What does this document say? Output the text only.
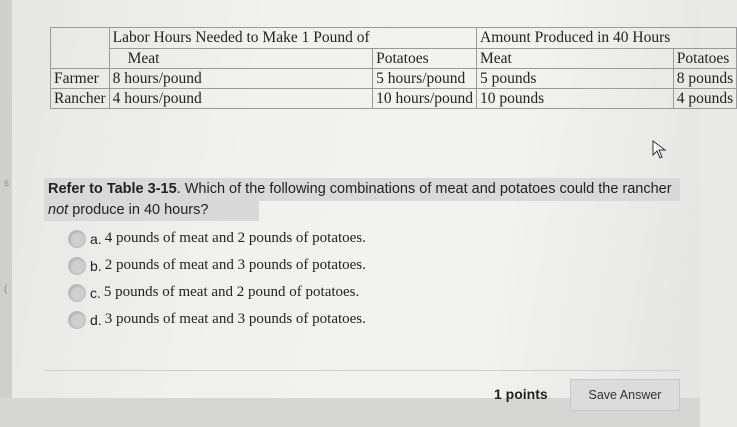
s
(
	Labor Hours Needed to Make 1 Pound of		Amount Produced in 40 Hours	
	Meat	Potatoes	Meat	Potatoes
Farmer	8 hours/pound	5 hours/pound	5 pounds	8 pounds
Rancher	4 hours/pound	10 hours/pound	10 pounds	4 pounds
Refer to Table 3-15. Which of the following combinations of meat and potatoes could the rancher not produce in 40 hours?
a. 4 pounds of meat and 2 pounds of potatoes.
b. 2 pounds of meat and 3 pounds of potatoes.
c. 5 pounds of meat and 2 pound of potatoes.
d. 3 pounds of meat and 3 pounds of potatoes.
1 points	Save Answer
